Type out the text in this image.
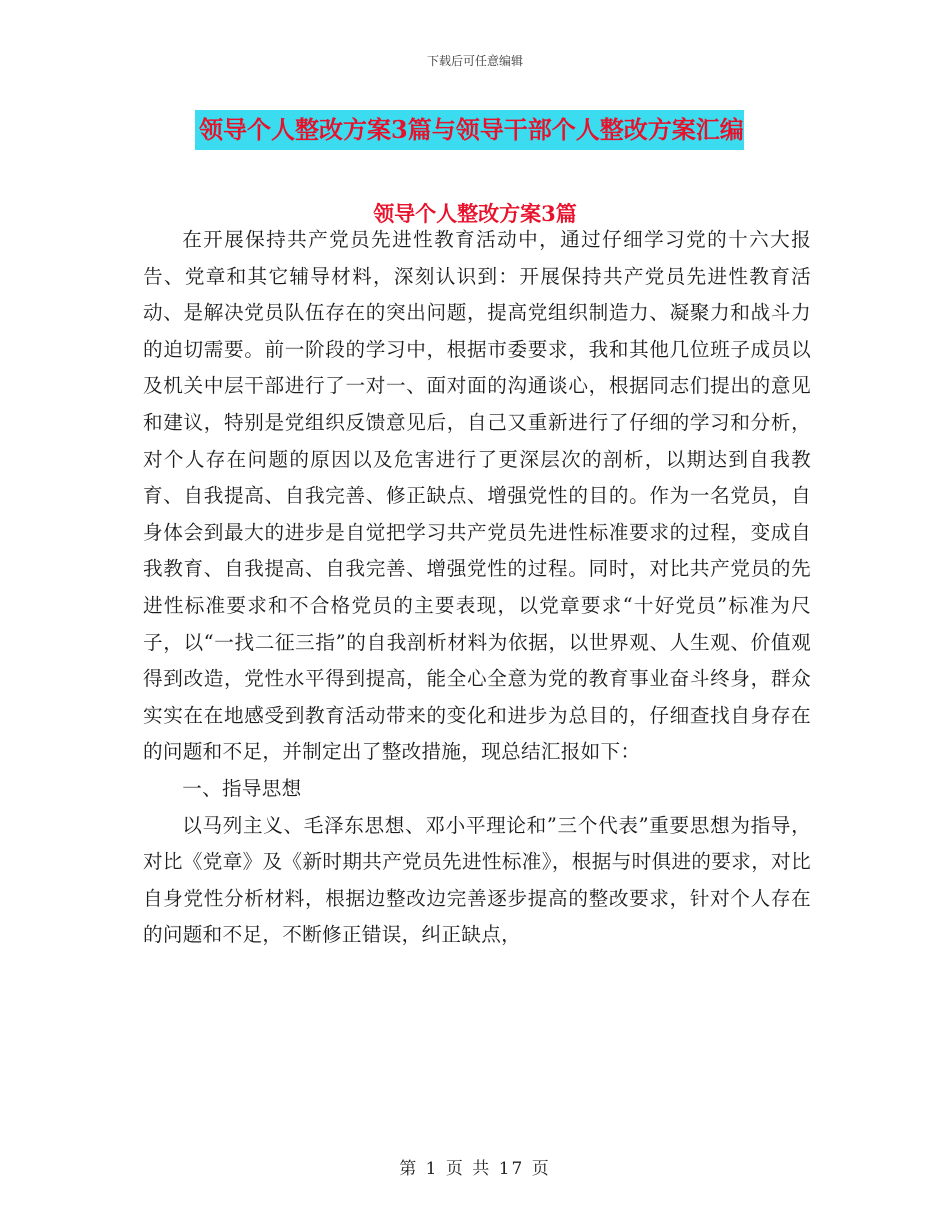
下载后可任意编辑
领导个人整改方案3篇与领导干部个人整改方案汇编
领导个人整改方案3篇

在开展保持共产党员先进性教育活动中，通过仔细学习党的十六大报告、党章和其它辅导材料，深刻认识到：开展保持共产党员先进性教育活动、是解决党员队伍存在的突出问题，提高党组织制造力、凝聚力和战斗力的迫切需要。前一阶段的学习中，根据市委要求，我和其他几位班子成员以及机关中层干部进行了一对一、面对面的沟通谈心，根据同志们提出的意见和建议，特别是党组织反馈意见后，自己又重新进行了仔细的学习和分析，对个人存在问题的原因以及危害进行了更深层次的剖析，以期达到自我教育、自我提高、自我完善、修正缺点、增强党性的目的。作为一名党员，自身体会到最大的进步是自觉把学习共产党员先进性标准要求的过程，变成自我教育、自我提高、自我完善、增强党性的过程。同时，对比共产党员的先进性标准要求和不合格党员的主要表现，以党章要求“十好党员”标准为尺子，以“一找二征三指”的自我剖析材料为依据，以世界观、人生观、价值观得到改造，党性水平得到提高，能全心全意为党的教育事业奋斗终身，群众实实在在地感受到教育活动带来的变化和进步为总目的，仔细查找自身存在的问题和不足，并制定出了整改措施，现总结汇报如下：

一、指导思想

以马列主义、毛泽东思想、邓小平理论和”三个代表”重要思想为指导，对比《党章》及《新时期共产党员先进性标准》，根据与时俱进的要求，对比自身党性分析材料，根据边整改边完善逐步提高的整改要求，针对个人存在的问题和不足，不断修正错误，纠正缺点，

第 1 页 共 17 页
